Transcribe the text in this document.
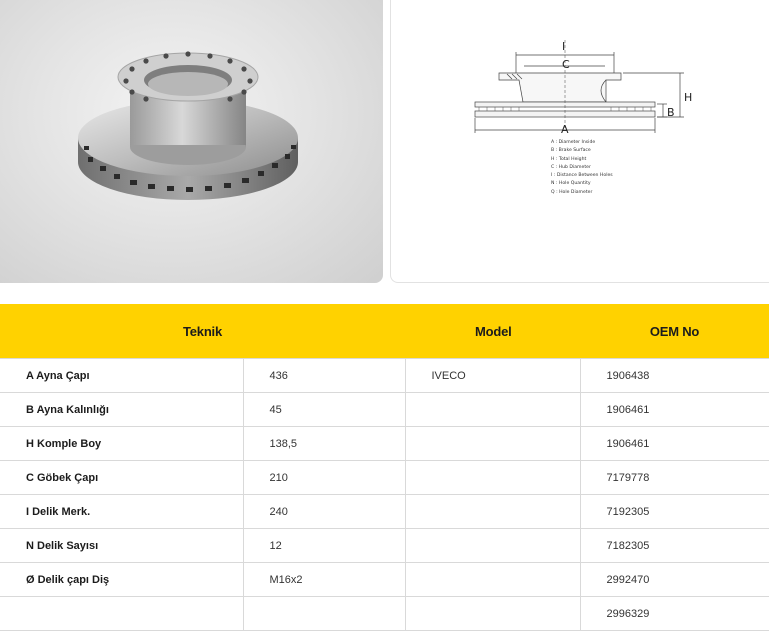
I
C
H
B
A
A : Diameter Inside
B : Brake Surface
H : Total Height
C : Hub Diameter
I : Distance Between Holes
N : Hole Quantity
Q : Hole Diameter
Teknik		Model	OEM No
A Ayna Çapı	436	IVECO	1906438
B Ayna Kalınlığı	45		1906461
H Komple Boy	138,5		1906461
C Göbek Çapı	210		7179778
I Delik Merk.	240		7192305
N Delik Sayısı	12		7182305
Ø Delik çapı Diş	M16x2		2992470
			2996329
